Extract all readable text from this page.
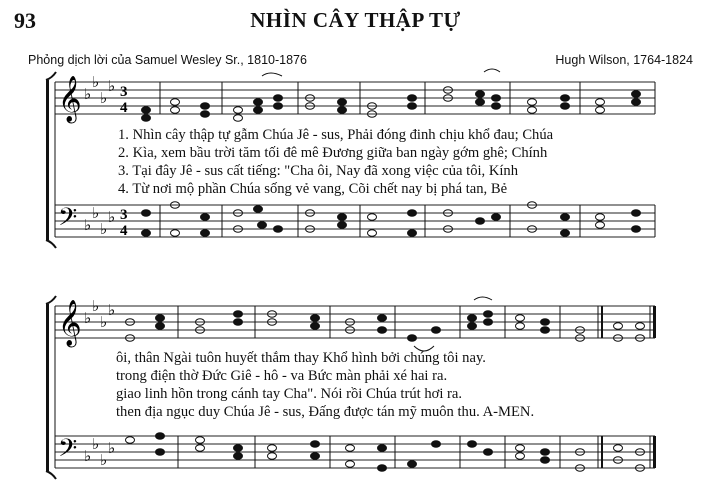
93	NHÌN CÂY THẬP TỰ
Phỏng dịch lời của Samuel Wesley Sr., 1810-1876	Hugh Wilson, 1764-1824
𝄞
𝄢
♭
♭
♭
♭
♭
♭
♭
♭
3
4
3
4
𝄞
𝄢
♭
♭
♭
♭
♭
♭
♭
♭
1. Nhìn cây thập tự gẫm Chúa Jê - sus, Phải đóng đinh chịu khổ đau; Chúa
2. Kìa, xem bầu trời tăm tối đê mê Đương giữa ban ngày gớm ghê; Chính
3. Tại đây Jê - sus cất tiếng: "Cha ôi, Nay đã xong việc của tôi, Kính
4. Từ nơi mộ phần Chúa sống vẻ vang, Cõi chết nay bị phá tan, Bẻ
ôi, thân Ngài tuôn huyết thắm thay Khổ hình bởi chúng tôi nay.
trong điện thờ Đức Giê - hô - va Bức màn phải xé hai ra.
giao linh hồn trong cánh tay Cha". Nói rồi Chúa trút hơi ra.
then địa ngục duy Chúa Jê - sus, Đấng được tán mỹ muôn thu. A-MEN.
